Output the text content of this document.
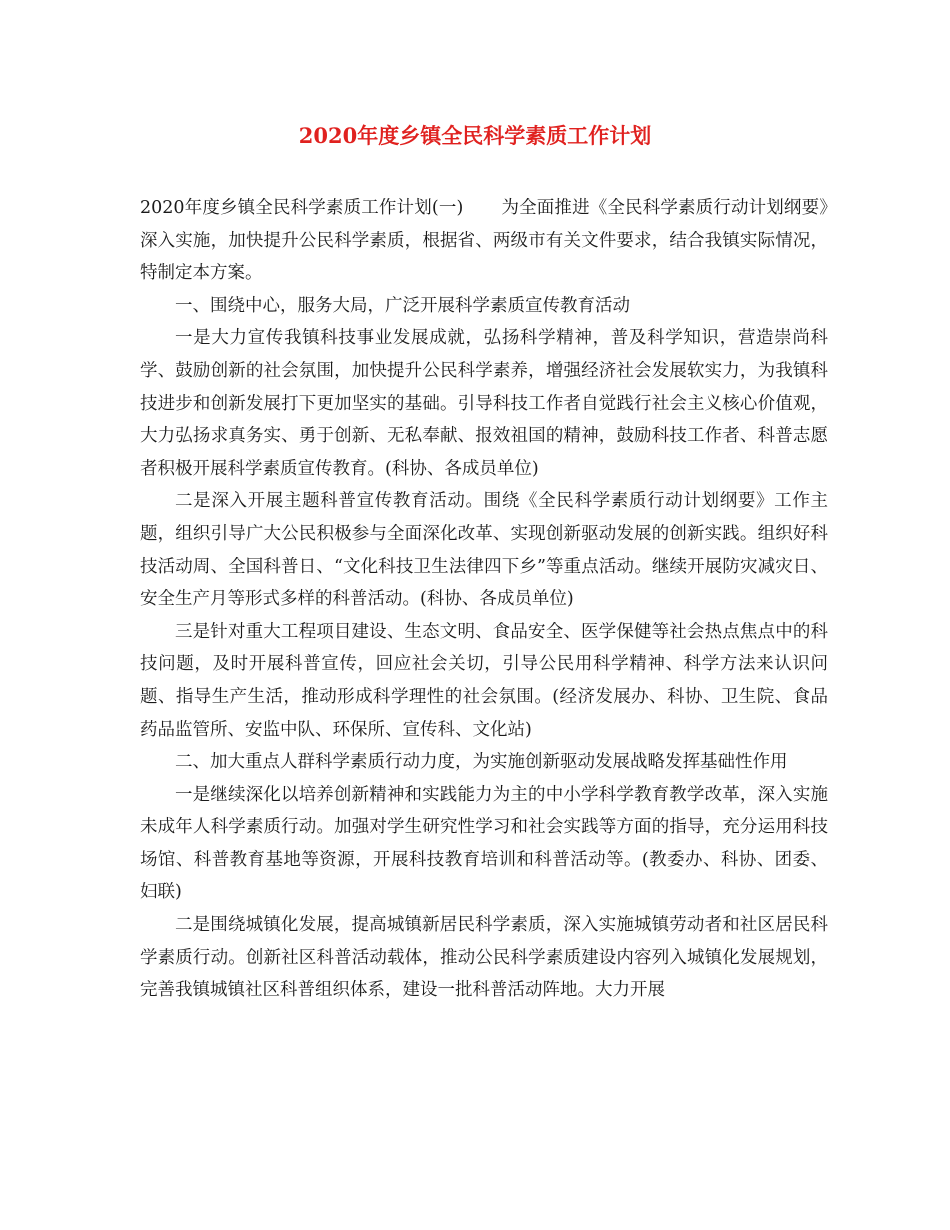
2020年度乡镇全民科学素质工作计划

2020年度乡镇全民科学素质工作计划(一) 为全面推进《全民科学素质行动计划纲要》深入实施，加快提升公民科学素质，根据省、两级市有关文件要求，结合我镇实际情况，特制定本方案。

一、围绕中心，服务大局，广泛开展科学素质宣传教育活动

一是大力宣传我镇科技事业发展成就，弘扬科学精神，普及科学知识，营造崇尚科学、鼓励创新的社会氛围，加快提升公民科学素养，增强经济社会发展软实力，为我镇科技进步和创新发展打下更加坚实的基础。引导科技工作者自觉践行社会主义核心价值观，大力弘扬求真务实、勇于创新、无私奉献、报效祖国的精神，鼓励科技工作者、科普志愿者积极开展科学素质宣传教育。(科协、各成员单位)

二是深入开展主题科普宣传教育活动。围绕《全民科学素质行动计划纲要》工作主题，组织引导广大公民积极参与全面深化改革、实现创新驱动发展的创新实践。组织好科技活动周、全国科普日、“文化科技卫生法律四下乡”等重点活动。继续开展防灾减灾日、安全生产月等形式多样的科普活动。(科协、各成员单位)

三是针对重大工程项目建设、生态文明、食品安全、医学保健等社会热点焦点中的科技问题，及时开展科普宣传，回应社会关切，引导公民用科学精神、科学方法来认识问题、指导生产生活，推动形成科学理性的社会氛围。(经济发展办、科协、卫生院、食品药品监管所、安监中队、环保所、宣传科、文化站)

二、加大重点人群科学素质行动力度，为实施创新驱动发展战略发挥基础性作用

一是继续深化以培养创新精神和实践能力为主的中小学科学教育教学改革，深入实施未成年人科学素质行动。加强对学生研究性学习和社会实践等方面的指导，充分运用科技场馆、科普教育基地等资源，开展科技教育培训和科普活动等。(教委办、科协、团委、妇联)

二是围绕城镇化发展，提高城镇新居民科学素质，深入实施城镇劳动者和社区居民科学素质行动。创新社区科普活动载体，推动公民科学素质建设内容列入城镇化发展规划，完善我镇城镇社区科普组织体系，建设一批科普活动阵地。大力开展
